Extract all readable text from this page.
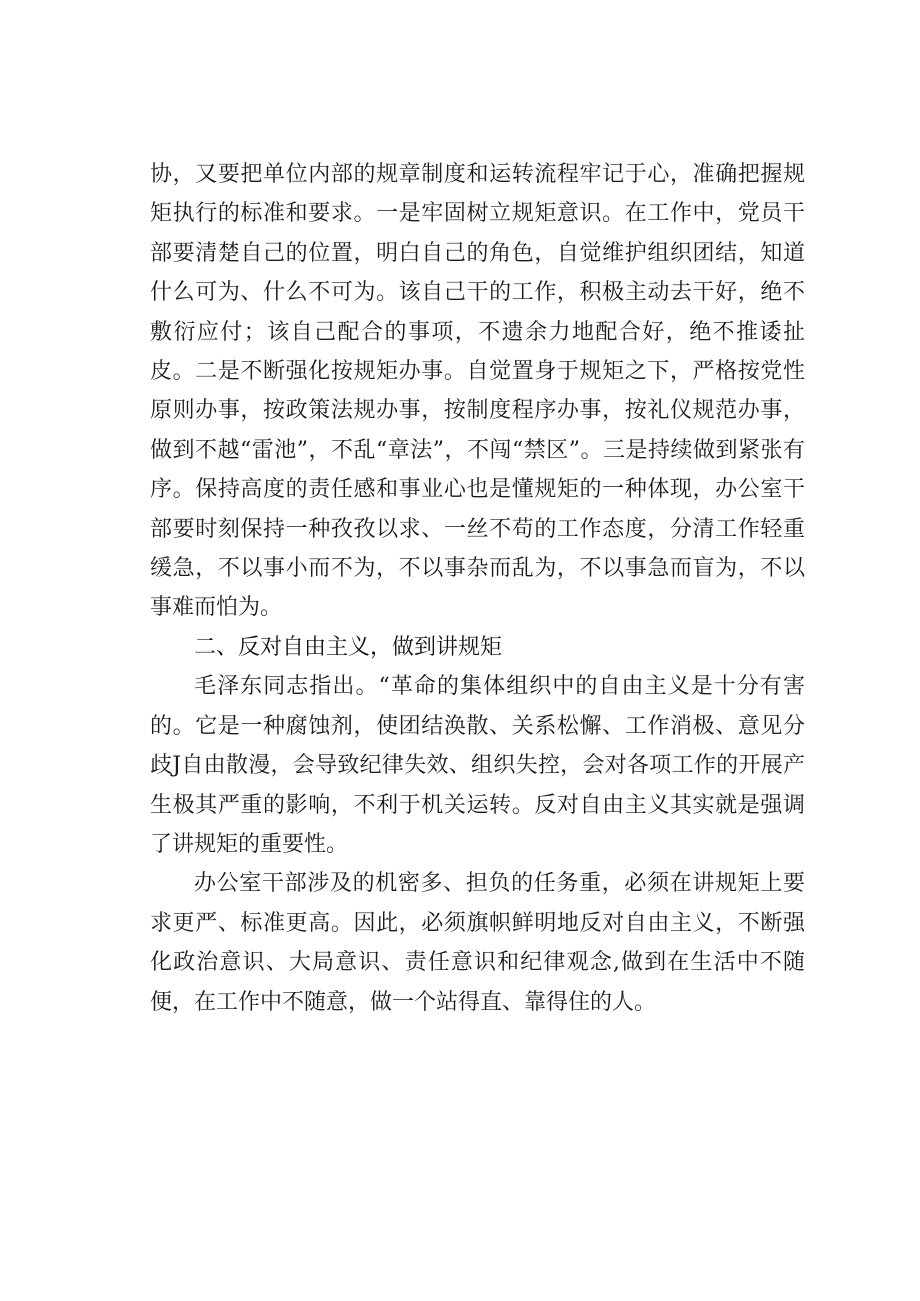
协，又要把单位内部的规章制度和运转流程牢记于心，准确把握规矩执行的标准和要求。一是牢固树立规矩意识。在工作中，党员干部要清楚自己的位置，明白自己的角色，自觉维护组织团结，知道什么可为、什么不可为。该自己干的工作，积极主动去干好，绝不敷衍应付；该自己配合的事项，不遗余力地配合好，绝不推诿扯皮。二是不断强化按规矩办事。自觉置身于规矩之下，严格按党性原则办事，按政策法规办事，按制度程序办事，按礼仪规范办事，做到不越“雷池”，不乱“章法”，不闯“禁区”。三是持续做到紧张有序。保持高度的责任感和事业心也是懂规矩的一种体现，办公室干部要时刻保持一种孜孜以求、一丝不苟的工作态度，分清工作轻重缓急，不以事小而不为，不以事杂而乱为，不以事急而盲为，不以事难而怕为。

二、反对自由主义，做到讲规矩

毛泽东同志指出。“革命的集体组织中的自由主义是十分有害的。它是一种腐蚀剂，使团结涣散、关系松懈、工作消极、意见分歧J自由散漫，会导致纪律失效、组织失控，会对各项工作的开展产生极其严重的影响，不利于机关运转。反对自由主义其实就是强调了讲规矩的重要性。

办公室干部涉及的机密多、担负的任务重，必须在讲规矩上要求更严、标准更高。因此，必须旗帜鲜明地反对自由主义，不断强化政治意识、大局意识、责任意识和纪律观念,做到在生活中不随便，在工作中不随意，做一个站得直、靠得住的人。
